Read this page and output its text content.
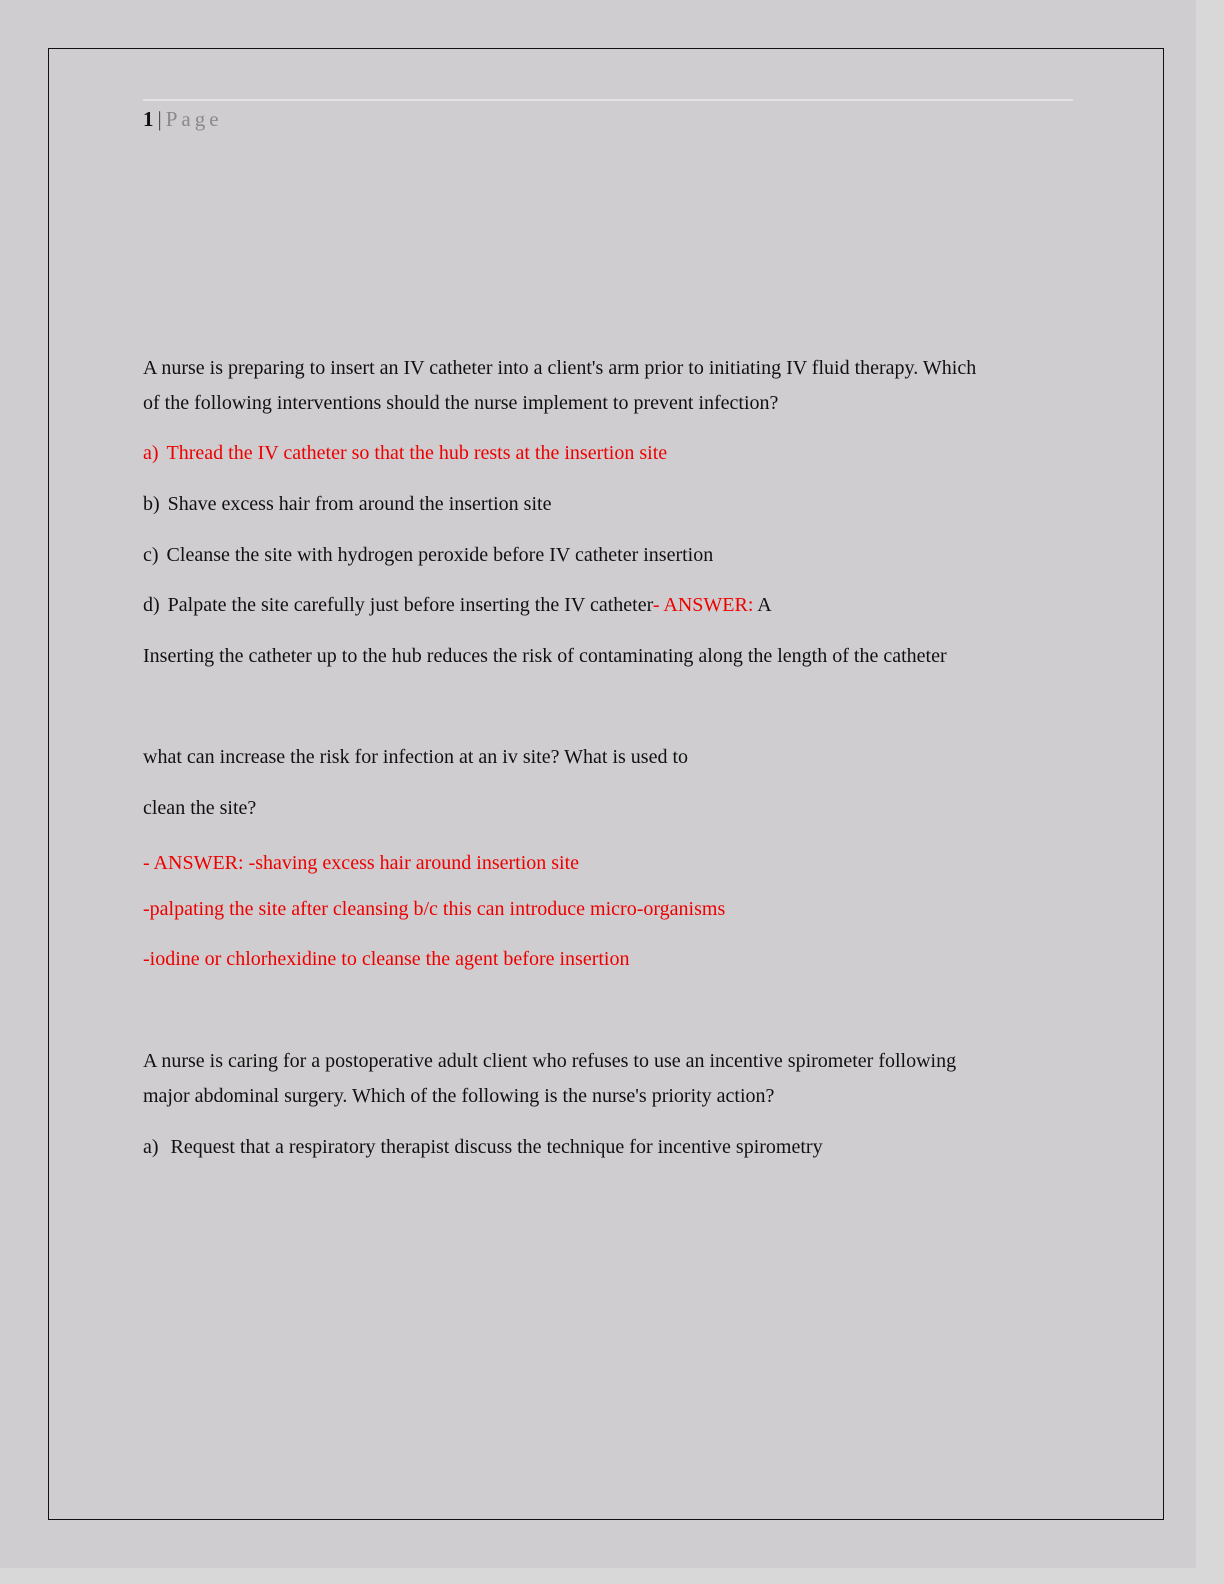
1 | Page
A nurse is preparing to insert an IV catheter into a client's arm prior to initiating IV fluid therapy. Which
of the following interventions should the nurse implement to prevent infection?
a) Thread the IV catheter so that the hub rests at the insertion site
b) Shave excess hair from around the insertion site
c) Cleanse the site with hydrogen peroxide before IV catheter insertion
d) Palpate the site carefully just before inserting the IV catheter- ANSWER: A
Inserting the catheter up to the hub reduces the risk of contaminating along the length of the catheter
what can increase the risk for infection at an iv site? What is used to
clean the site?
- ANSWER: -shaving excess hair around insertion site
-palpating the site after cleansing b/c this can introduce micro-organisms
-iodine or chlorhexidine to cleanse the agent before insertion
A nurse is caring for a postoperative adult client who refuses to use an incentive spirometer following
major abdominal surgery. Which of the following is the nurse's priority action?
a) Request that a respiratory therapist discuss the technique for incentive spirometry
